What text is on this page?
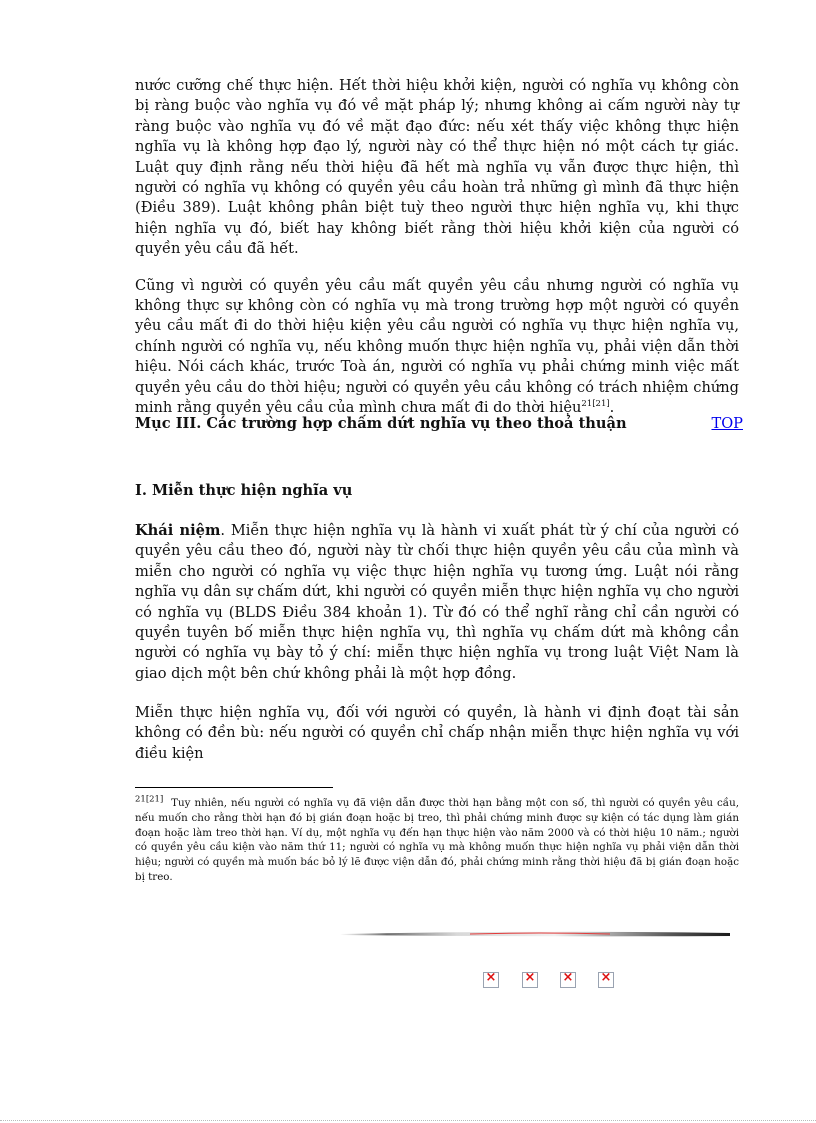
nước cưỡng chế thực hiện. Hết thời hiệu khởi kiện, người có nghĩa vụ không còn bị ràng buộc vào nghĩa vụ đó về mặt pháp lý; nhưng không ai cấm người này tự ràng buộc vào nghĩa vụ đó về mặt đạo đức: nếu xét thấy việc không thực hiện nghĩa vụ là không hợp đạo lý, người này có thể thực hiện nó một cách tự giác. Luật quy định rằng nếu thời hiệu đã hết mà nghĩa vụ vẫn được thực hiện, thì người có nghĩa vụ không có quyền yêu cầu hoàn trả những gì mình đã thực hiện (Điều 389). Luật không phân biệt tuỳ theo người thực hiện nghĩa vụ, khi thực hiện nghĩa vụ đó, biết hay không biết rằng thời hiệu khởi kiện của người có quyền yêu cầu đã hết.

Cũng vì người có quyền yêu cầu mất quyền yêu cầu nhưng người có nghĩa vụ không thực sự không còn có nghĩa vụ mà trong trường hợp một người có quyền yêu cầu mất đi do thời hiệu kiện yêu cầu người có nghĩa vụ thực hiện nghĩa vụ, chính người có nghĩa vụ, nếu không muốn thực hiện nghĩa vụ, phải viện dẫn thời hiệu. Nói cách khác, trước Toà án, người có nghĩa vụ phải chứng minh việc mất quyền yêu cầu do thời hiệu; người có quyền yêu cầu không có trách nhiệm chứng minh rằng quyền yêu cầu của mình chưa mất đi do thời hiệu$^{21[21]}$.

Mục III. Các trường hợp chấm dứt nghĩa vụ theo thoả thuận	TOP
I. Miễn thực hiện nghĩa vụ

Khái niệm. Miễn thực hiện nghĩa vụ là hành vi xuất phát từ ý chí của người có quyền yêu cầu theo đó, người này từ chối thực hiện quyền yêu cầu của mình và miễn cho người có nghĩa vụ việc thực hiện nghĩa vụ tương ứng. Luật nói rằng nghĩa vụ dân sự chấm dứt, khi người có quyền miễn thực hiện nghĩa vụ cho người có nghĩa vụ (BLDS Điều 384 khoản 1). Từ đó có thể nghĩ rằng chỉ cần người có quyền tuyên bố miễn thực hiện nghĩa vụ, thì nghĩa vụ chấm dứt mà không cần người có nghĩa vụ bày tỏ ý chí: miễn thực hiện nghĩa vụ trong luật Việt Nam là giao dịch một bên chứ không phải là một hợp đồng.

Miễn thực hiện nghĩa vụ, đối với người có quyền, là hành vi định đoạt tài sản không có đền bù: nếu người có quyền chỉ chấp nhận miễn thực hiện nghĩa vụ với điều kiện

$^{21[21]}$ Tuy nhiên, nếu người có nghĩa vụ đã viện dẫn được thời hạn bằng một con số, thì người có quyền yêu cầu, nếu muốn cho rằng thời hạn đó bị gián đoạn hoặc bị treo, thì phải chứng minh được sự kiện có tác dụng làm gián đoạn hoặc làm treo thời hạn. Ví dụ, một nghĩa vụ đến hạn thực hiện vào năm 2000 và có thời hiệu 10 năm.; người có quyền yêu cầu kiện vào năm thứ 11; người có nghĩa vụ mà không muốn thực hiện nghĩa vụ phải viện dẫn thời hiệu; người có quyền mà muốn bác bỏ lý lẽ được viện dẫn đó, phải chứng minh rằng thời hiệu đã bị gián đoạn hoặc bị treo.

× × × ×
